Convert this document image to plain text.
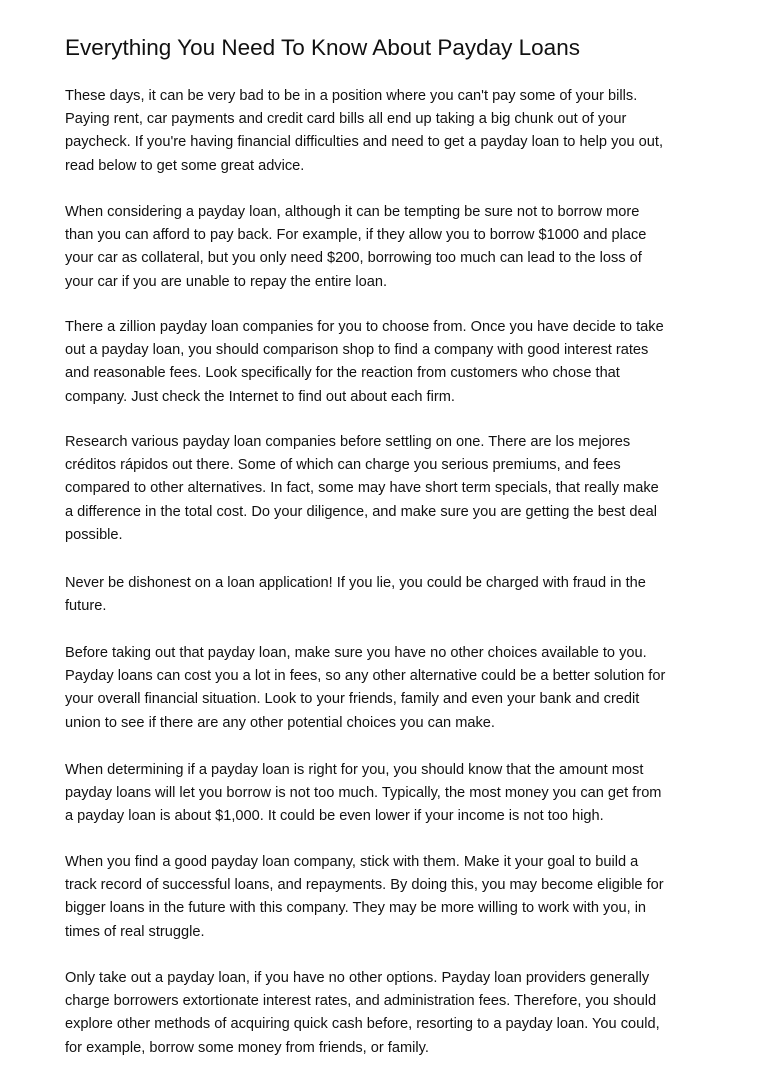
Everything You Need To Know About Payday Loans

These days, it can be very bad to be in a position where you can't pay some of your bills.
Paying rent, car payments and credit card bills all end up taking a big chunk out of your
paycheck. If you're having financial difficulties and need to get a payday loan to help you out,
read below to get some great advice.

When considering a payday loan, although it can be tempting be sure not to borrow more
than you can afford to pay back. For example, if they allow you to borrow $1000 and place
your car as collateral, but you only need $200, borrowing too much can lead to the loss of
your car if you are unable to repay the entire loan.

There a zillion payday loan companies for you to choose from. Once you have decide to take
out a payday loan, you should comparison shop to find a company with good interest rates
and reasonable fees. Look specifically for the reaction from customers who chose that
company. Just check the Internet to find out about each firm.

Research various payday loan companies before settling on one. There are los mejores
créditos rápidos out there. Some of which can charge you serious premiums, and fees
compared to other alternatives. In fact, some may have short term specials, that really make
a difference in the total cost. Do your diligence, and make sure you are getting the best deal
possible.

Never be dishonest on a loan application! If you lie, you could be charged with fraud in the
future.

Before taking out that payday loan, make sure you have no other choices available to you.
Payday loans can cost you a lot in fees, so any other alternative could be a better solution for
your overall financial situation. Look to your friends, family and even your bank and credit
union to see if there are any other potential choices you can make.

When determining if a payday loan is right for you, you should know that the amount most
payday loans will let you borrow is not too much. Typically, the most money you can get from
a payday loan is about $1,000. It could be even lower if your income is not too high.

When you find a good payday loan company, stick with them. Make it your goal to build a
track record of successful loans, and repayments. By doing this, you may become eligible for
bigger loans in the future with this company. They may be more willing to work with you, in
times of real struggle.

Only take out a payday loan, if you have no other options. Payday loan providers generally
charge borrowers extortionate interest rates, and administration fees. Therefore, you should
explore other methods of acquiring quick cash before, resorting to a payday loan. You could,
for example, borrow some money from friends, or family.
